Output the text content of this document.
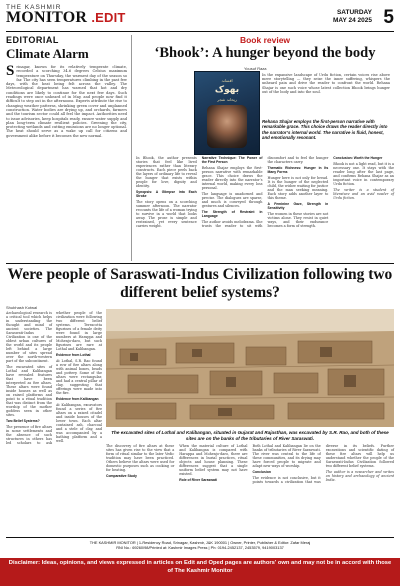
THE KASHMIR
MONITOR .EDIT	SATURDAY
MAY 24 2025 5
EDITORIAL
Climate Alarm
Srinagar, known for its relatively temperate climate, recorded a scorching 34.6 degrees Celsius maximum temperature on Thursday, the warmest day of the season so far. The city has seen temperatures climbing in the past few days, with the heat being felt across the valley. The Meteorological department has warned that hot and dry conditions are likely to continue for the next few days. Such readings were once unheard of in May, and people now find it difficult to step out in the afternoons. Experts attribute the rise to changing weather patterns, shrinking green cover and unplanned construction. Water bodies are drying up, and orchards, farmers and the tourism sector could all feel the impact. Authorities need to issue advisories, keep hospitals ready, ensure water supply and plan long-term climate resilient policies. Greening the city, protecting wetlands and cutting emissions are no longer optional. The heat should serve as a wake up call for citizens and government alike before it becomes the new normal.
Book review
‘Bhook’: A hunger beyond the body
Yousuf Raza
افسانہ
بھوک
ریحانہ شجر
In the expansive landscape of Urdu fiction, certain voices rise above mere storytelling — they seize the inner suffering, whispers the unheard pain and drive the reader to confront the world. Rehana Shajar is one such voice whose latest collection Bhook brings hunger out of the body and into the soul.
Rehana Shajar employs the first-person narrative with remarkable grace. This choice draws the reader directly into the narrator’s internal world. The narrative is fluid, honest, and emotionally resonant.

In Bhook, the author presents stories that feel like lived experiences rather than literary constructs. Each piece peels back the layers of ordinary life to reveal the hunger that exists within people for love, dignity and identity.

Synopsis: A Glimpse into Each Stroke

The story opens on a scorching summer afternoon. The narrator recounts the life of a woman trying to survive in a world that looks away. The prose is simple and restrained, yet every sentence carries weight.

Narrative Technique: The Power of the First Person

Rehana Shajar employs the first-person narrative with remarkable grace. This choice draws the reader directly into the narrator’s internal world, making every loss personal.

The language is unadorned and precise. The dialogues are sparse, and much is conveyed through gestures and silences.

The Strength of Restraint in Language

The author avoids melodrama. She trusts the reader to sit with discomfort and to feel the hunger the characters carry.

Thematic Richness: Hunger in Its Many Forms

Hunger here is not only for bread. It is the hunger of the neglected child, the widow waiting for justice and the man seeking meaning. Each story adds another layer to this theme.

A Feminine Gaze, Strength in Sensitivity

The women in these stories are not victims alone. They resist in quiet ways, and their endurance becomes a form of strength.

Conclusion: Worth the Hunger

Bhook is not a light read, but it is a necessary one. It stays with the reader long after the last page, and confirms Rehana Shajar as an important voice in contemporary Urdu fiction.

The writer is a student of literature and an avid reader of Urdu fiction.

Were people of Saraswati-Indus Civilization following two different belief systems?
Shubhash Kotwal

Archaeological research is a critical tool which helps in understanding the thought and mind of ancient societies. The Saraswati-Indus Civilization is one of the oldest urban cultures of the world and its people left behind a large number of sites spread over the north-western part of the subcontinent.

The excavated sites of Lothal and Kalibangan have revealed features that have been interpreted as fire altars. These altars were found inside houses as well as on raised platforms and point to a ritual tradition that was distinct from the worship of the mother goddess seen in other sites.

Two Belief Systems?

The presence of fire altars in some settlements and the absence of such structures in others has led scholars to ask whether people of the civilization were following two different belief systems. Terracotta figurines of a female deity were found in large numbers at Harappa and Mohenjo-daro, but such figurines are rare at Lothal and Kalibangan.

Evidence from Lothal

At Lothal, S.R. Rao found a row of fire altars along with animal bones, beads and pottery. Some of the altars were rectangular, and had a central pillar of clay, suggesting that offerings were made into the fire.

Evidence from Kalibangan

At Kalibangan, excavators found a series of fire altars on a raised citadel and inside houses of the lower town. Each altar contained ash, charcoal and a stele of clay, and was accompanied by a bathing platform and a well.

The excavated sites of Lothal and Kalibangan, situated in Gujarat and Rajasthan, was excavated by S.R. Rao, and both of these sites are on the banks of the tributaries of River Saraswati.

The discovery of fire altars at these sites has given rise to the view that a form of ritual similar to the later Vedic tradition may have been practiced. Others believe the altars were used for domestic purposes such as cooking or for heating.

Comparative Study

When the material culture of Lothal and Kalibangan is compared with Harappa and Mohenjo-daro, there are differences in burial practices, ritual objects and house planning. These differences suggest that a single uniform belief system may not have existed.

Role of River Saraswati

Both Lothal and Kalibangan lie on the banks of tributaries of River Saraswati. The river was central to the life of these communities, and its drying may have forced people to migrate and adapt new ways of worship.

Conclusion

The evidence is not conclusive, but it points towards a civilization that was diverse in its beliefs. Further excavations and scientific dating of these fire altars will help us understand whether the people of the Saraswati-Indus Civilization followed two different belief systems.

The author is a researcher and writes on history and archaeology of ancient India.

THE KASHMIR MONITOR | 1-Residency Road, Srinagar, Kashmir, J&K 190001 | Owner, Printer, Publisher & Editor: Zafar Meraj
RNI No.: 69260/98/Printed at: Kashmir Images Press | Ph: 0194-2452137, 2453579, 9419003137
Disclaimer: Ideas, opinions, and views expressed in articles on Edit and Oped pages are authors' own and may not be in accord with those of The Kashmir Monitor
